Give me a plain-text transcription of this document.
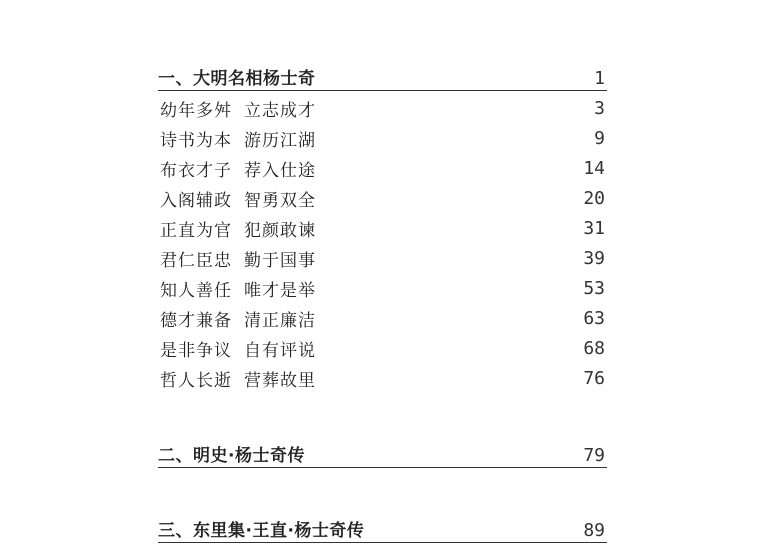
一、大明名相杨士奇	1
幼年多舛 立志成才	3
诗书为本 游历江湖	9
布衣才子 荐入仕途	14
入阁辅政 智勇双全	20
正直为官 犯颜敢谏	31
君仁臣忠 勤于国事	39
知人善任 唯才是举	53
德才兼备 清正廉洁	63
是非争议 自有评说	68
哲人长逝 营葬故里	76
二、明史·杨士奇传	79
三、东里集·王直·杨士奇传	89
